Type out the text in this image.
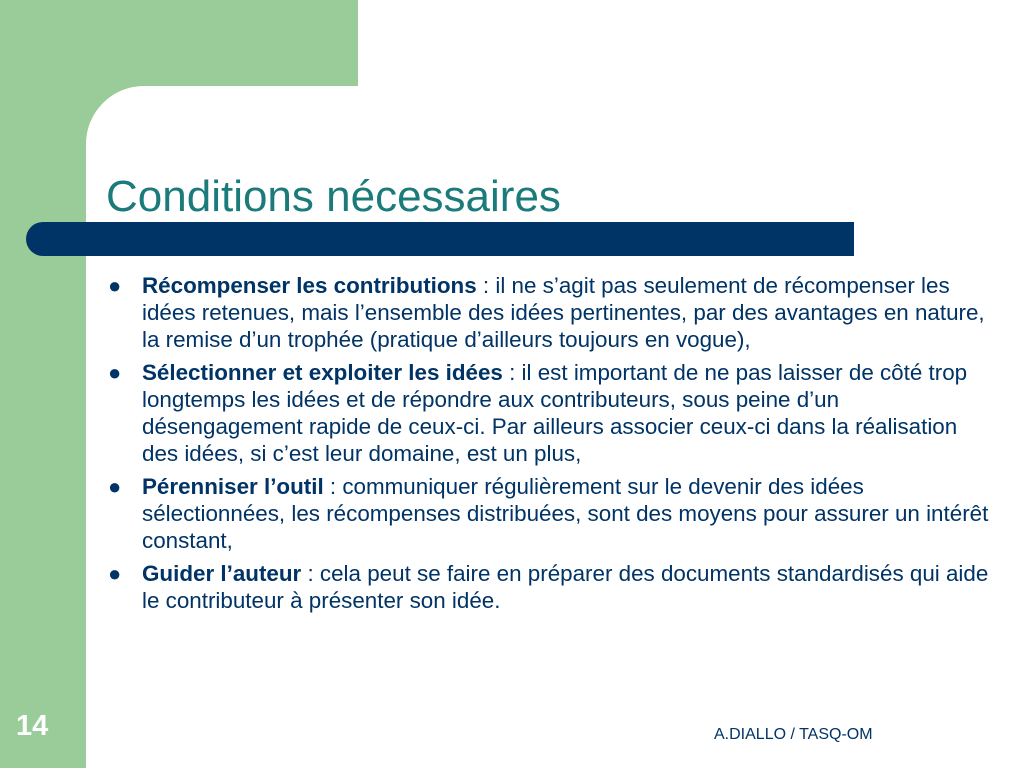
Conditions nécessaires
● Récompenser les contributions : il ne s’agit pas seulement de récompenser les idées retenues, mais l’ensemble des idées pertinentes, par des avantages en nature, la remise d’un trophée (pratique d’ailleurs toujours en vogue),
● Sélectionner et exploiter les idées : il est important de ne pas laisser de côté trop longtemps les idées et de répondre aux contributeurs, sous peine d’un désengagement rapide de ceux-ci. Par ailleurs associer ceux-ci dans la réalisation des idées, si c’est leur domaine, est un plus,
● Pérenniser l’outil : communiquer régulièrement sur le devenir des idées sélectionnées, les récompenses distribuées, sont des moyens pour assurer un intérêt constant,
● Guider l’auteur : cela peut se faire en préparer des documents standardisés qui aide le contributeur à présenter son idée.
14	A.DIALLO / TASQ-OM
